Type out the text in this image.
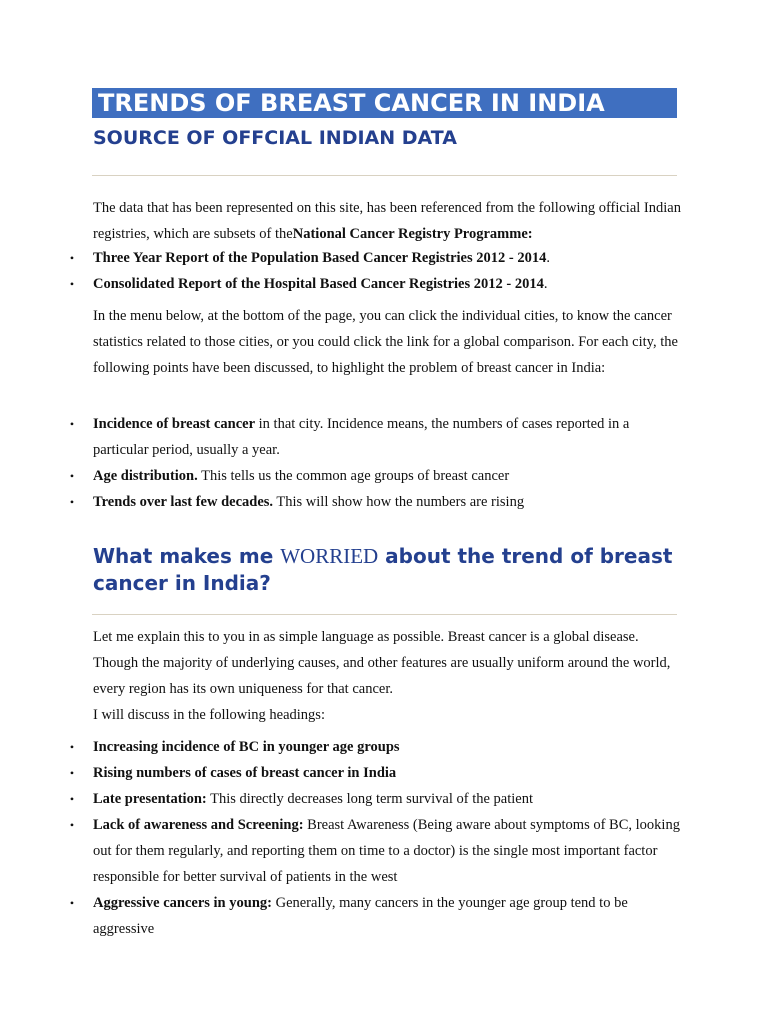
TRENDS OF BREAST CANCER IN INDIA
SOURCE OF OFFCIAL INDIAN DATA
The data that has been represented on this site, has been referenced from the following official Indian registries, which are subsets of theNational Cancer Registry Programme:
• Three Year Report of the Population Based Cancer Registries 2012 - 2014.
• Consolidated Report of the Hospital Based Cancer Registries 2012 - 2014.
In the menu below, at the bottom of the page, you can click the individual cities, to know the cancer statistics related to those cities, or you could click the link for a global comparison. For each city, the following points have been discussed, to highlight the problem of breast cancer in India:
• Incidence of breast cancer in that city. Incidence means, the numbers of cases reported in a particular period, usually a year.
• Age distribution. This tells us the common age groups of breast cancer
• Trends over last few decades. This will show how the numbers are rising
What makes me WORRIED about the trend of breast cancer in India?
Let me explain this to you in as simple language as possible. Breast cancer is a global disease. Though the majority of underlying causes, and other features are usually uniform around the world, every region has its own uniqueness for that cancer.
I will discuss in the following headings:
• Increasing incidence of BC in younger age groups
• Rising numbers of cases of breast cancer in India
• Late presentation: This directly decreases long term survival of the patient
• Lack of awareness and Screening: Breast Awareness (Being aware about symptoms of BC, looking out for them regularly, and reporting them on time to a doctor) is the single most important factor responsible for better survival of patients in the west
• Aggressive cancers in young: Generally, many cancers in the younger age group tend to be aggressive
